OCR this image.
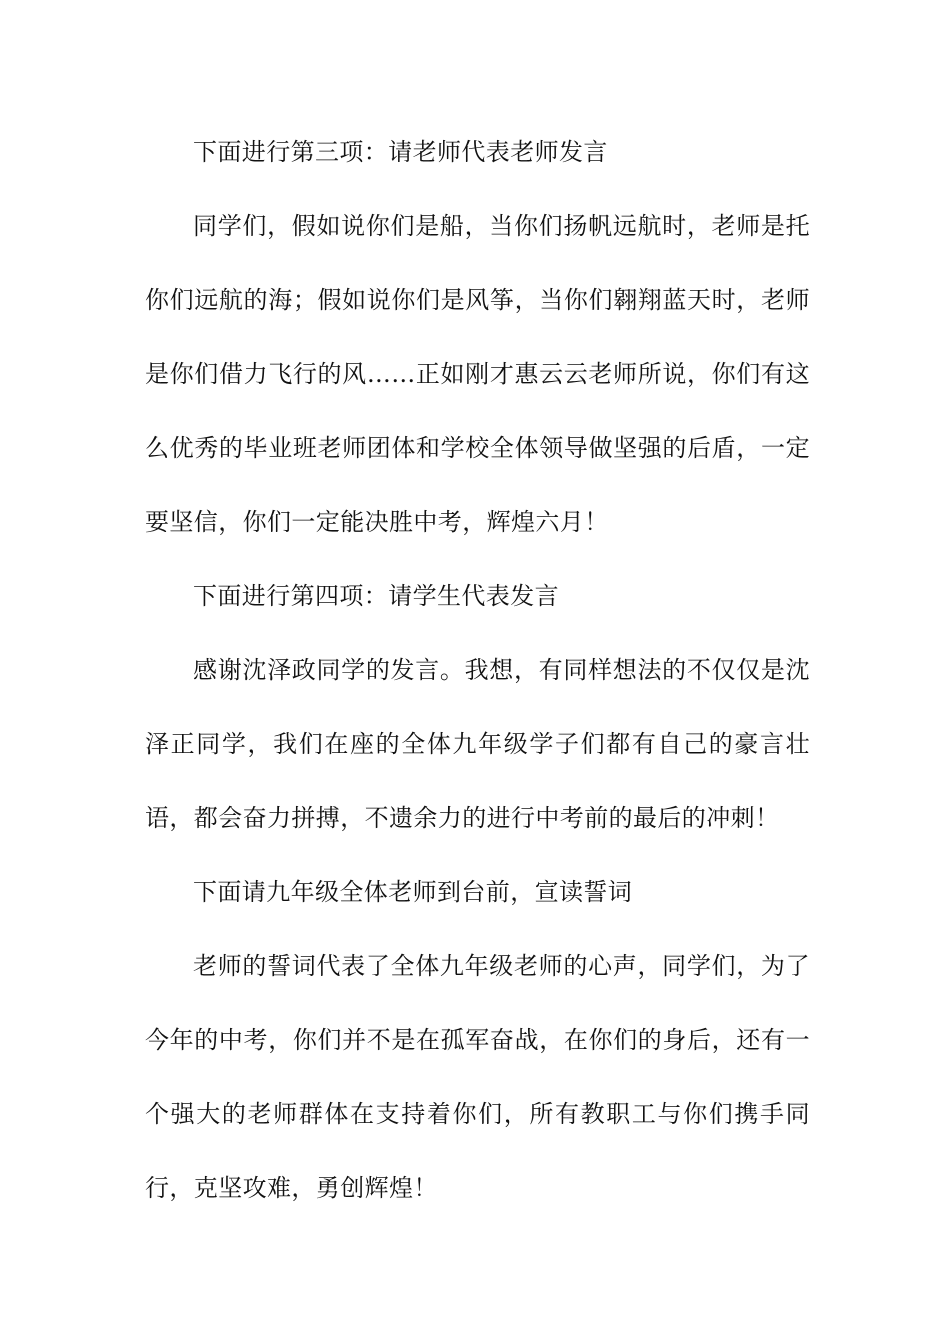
下面进行第三项：请老师代表老师发言

同学们，假如说你们是船，当你们扬帆远航时，老师是托你们远航的海；假如说你们是风筝，当你们翱翔蓝天时，老师是你们借力飞行的风……正如刚才惠云云老师所说，你们有这么优秀的毕业班老师团体和学校全体领导做坚强的后盾，一定要坚信，你们一定能决胜中考，辉煌六月！

下面进行第四项：请学生代表发言

感谢沈泽政同学的发言。我想，有同样想法的不仅仅是沈泽正同学，我们在座的全体九年级学子们都有自己的豪言壮语，都会奋力拼搏，不遗余力的进行中考前的最后的冲刺！

下面请九年级全体老师到台前，宣读誓词

老师的誓词代表了全体九年级老师的心声，同学们，为了今年的中考，你们并不是在孤军奋战，在你们的身后，还有一个强大的老师群体在支持着你们，所有教职工与你们携手同行，克坚攻难，勇创辉煌！
